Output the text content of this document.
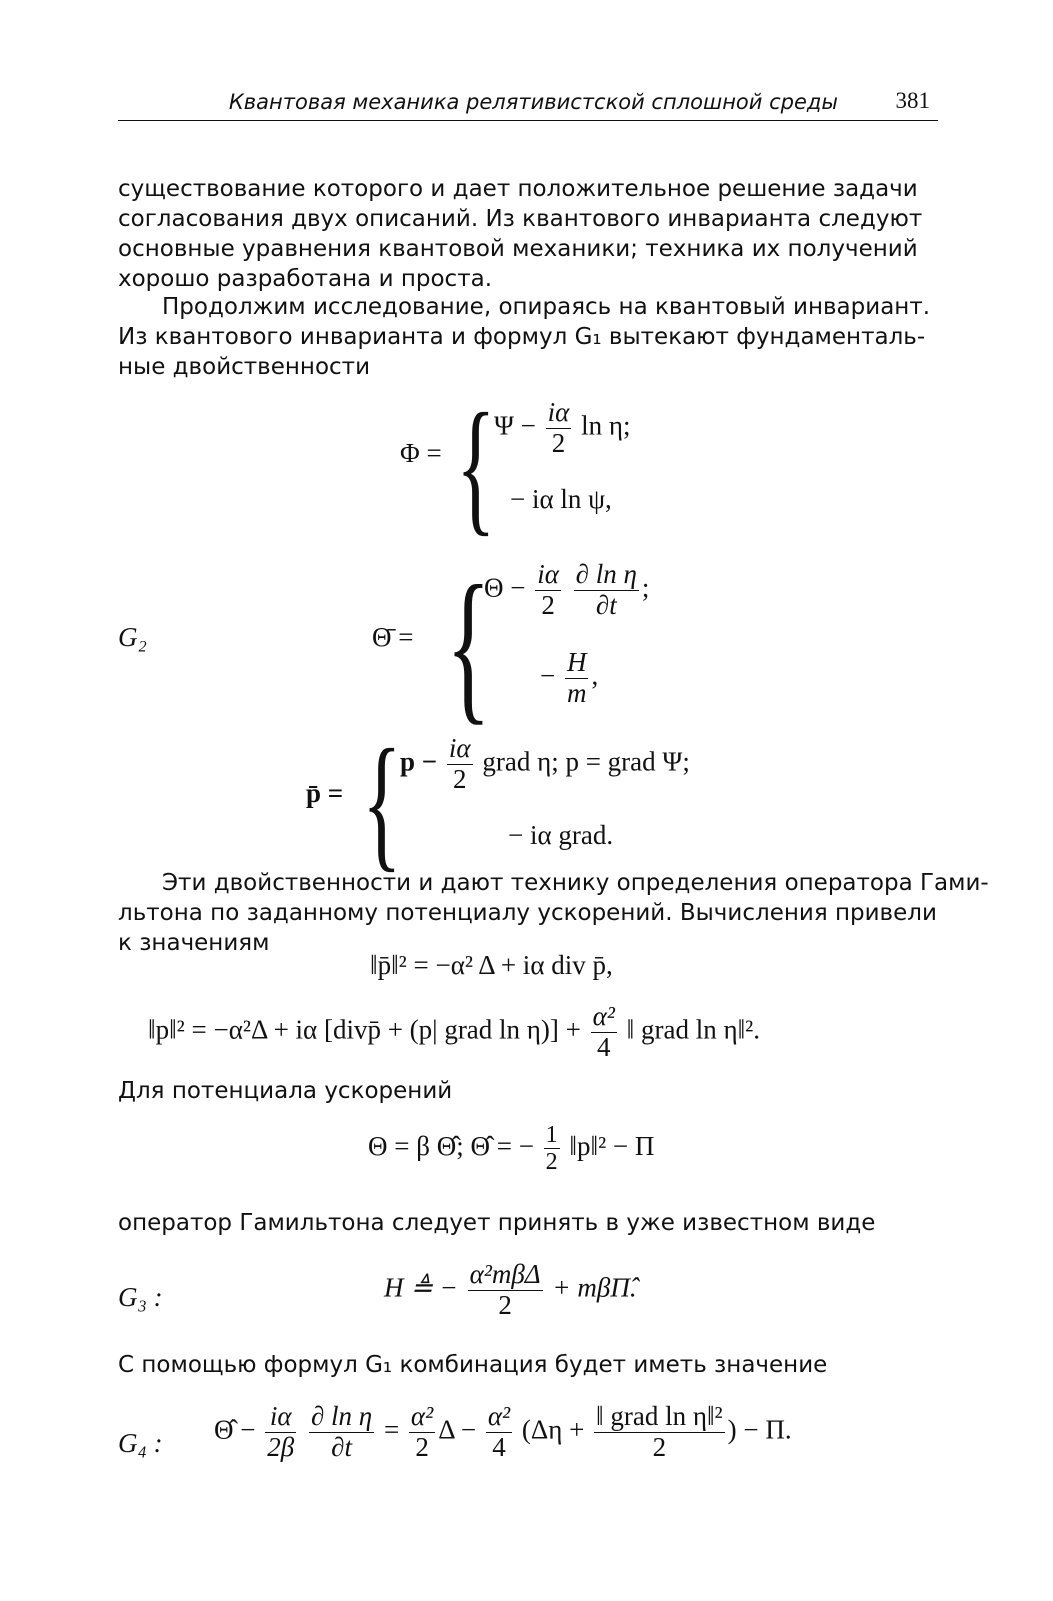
Квантовая механика релятивистской сплошной среды	381
существование которого и дает положительное решение задачи
согласования двух описаний. Из квантового инварианта следуют
основные уравнения квантовой механики; техника их получений
хорошо разработана и проста.
Продолжим исследование, опираясь на квантовый инвариант.
Из квантового инварианта и формул G₁ вытекают фундаменталь-
ные двойственности
Φ = {
$\Psi - \frac{i\alpha}{2}$ ln η;
− iα ln ψ,
G₂	Θ̄ = {
$\Theta - \frac{i\alpha}{2}$
$\frac{\text{∂ ln η}}{\partial t}$ ;
− $\frac{H}{m}$ ,
p̄ = {
$p - \frac{i\alpha}{2}$ grad η; p = grad Ψ;
− iα grad.
Эти двойственности и дают технику определения оператора Гами-
льтона по заданному потенциалу ускорений. Вычисления привели
к значениям
‖p̄‖² = −α² Δ + iα div p̄,
‖p‖² = −α²Δ + iα [divp̄ + (p| grad $\ln \eta)] + \frac{\text{α²}}{4}$ ‖ grad ln η‖².
Для потенциала ускорений
Θ = β Θ̂; Θ̂ = − $\frac{1}{2}$ ‖p‖² − Π
оператор Гамильтона следует принять в уже известном виде
G₃ :	H ≜ − $\frac{\text{α²mβΔ}}{2}$ + mβΠ̂.
С помощью формул G₁ комбинация будет иметь значение
G₄ : Θ̂ − $\frac{i\alpha}{2\beta}$
$\frac{\text{∂ ln η}}{\partial t} = \frac{\text{α²}}{2}$ $\Delta - \frac{\text{α²}}{4} (\Delta\eta + \frac{\text{‖ grad ln η‖²}}{2}$ ) − Π.
